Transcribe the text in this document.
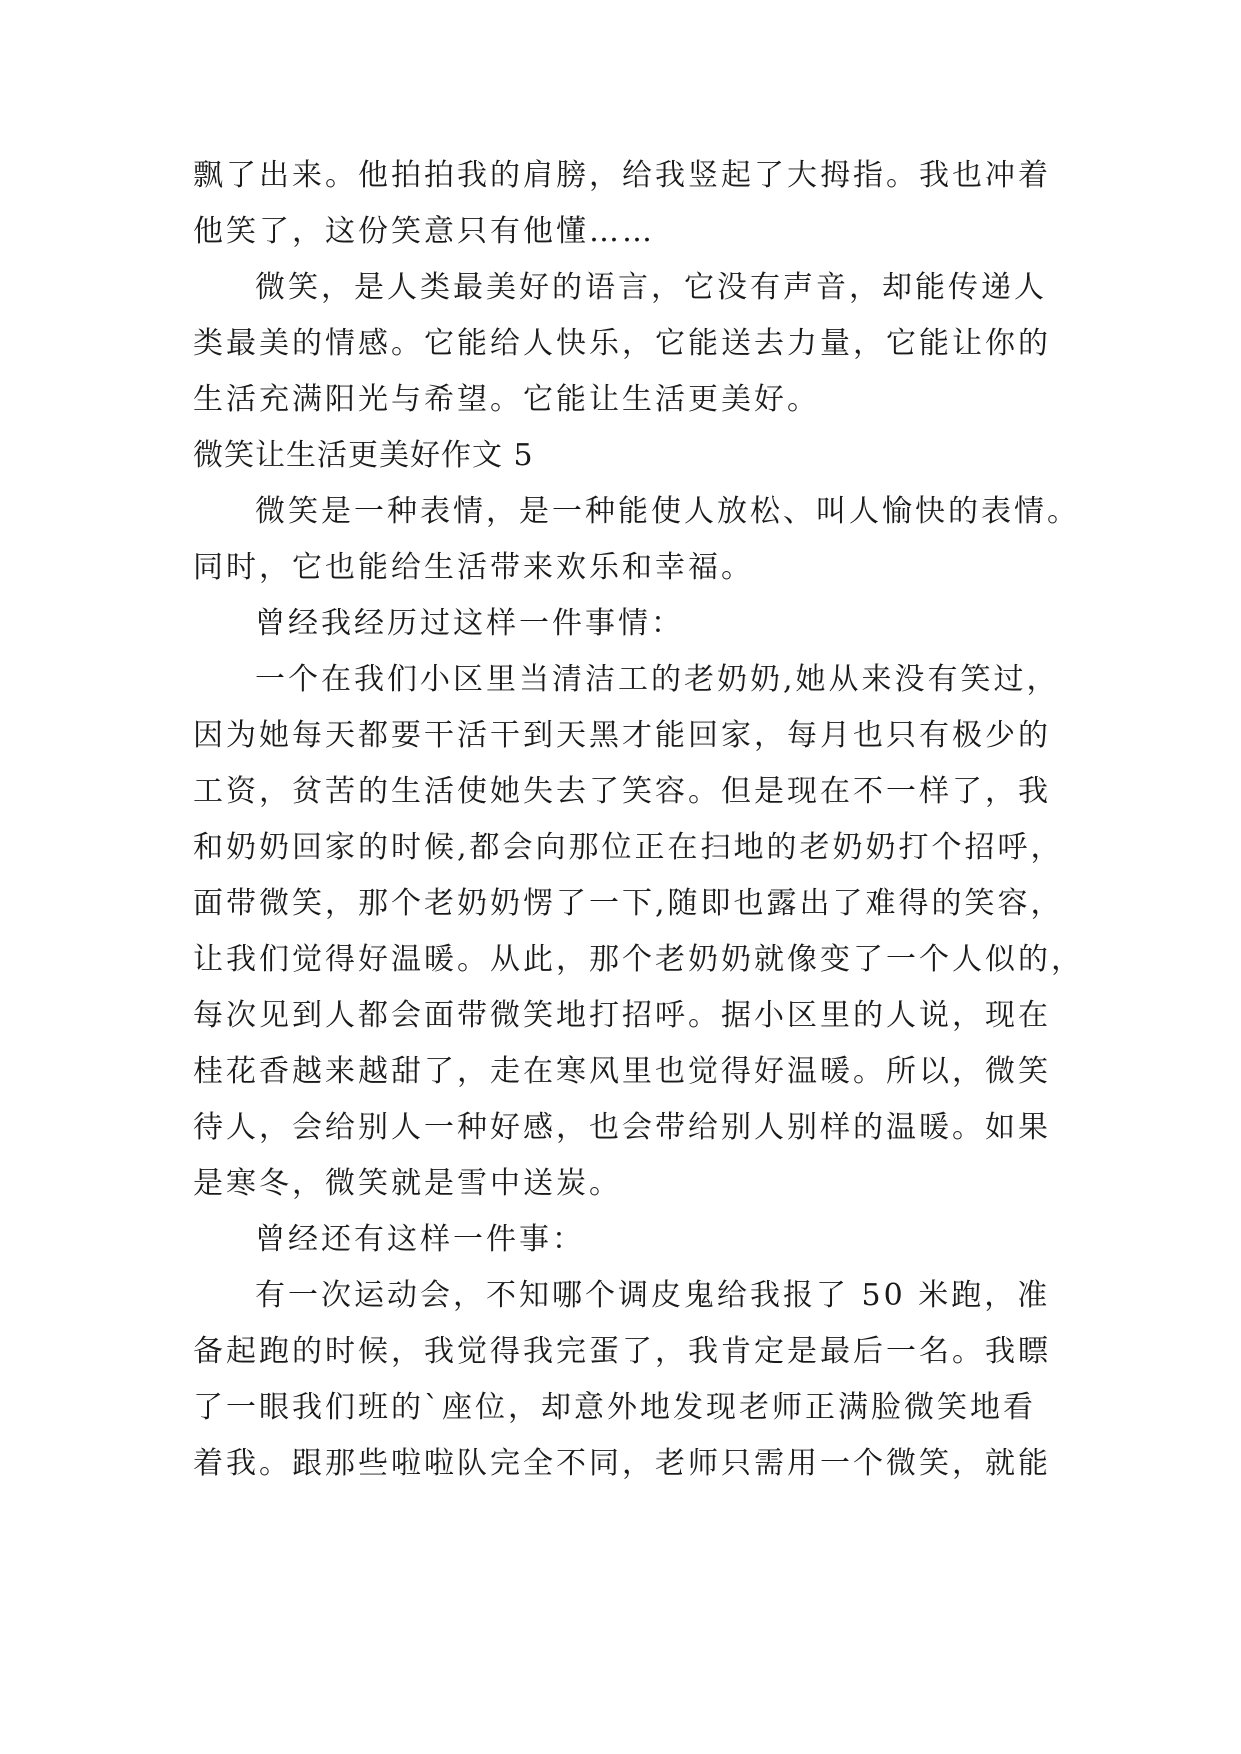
飘了出来。他拍拍我的肩膀，给我竖起了大拇指。我也冲着
他笑了，这份笑意只有他懂……
微笑，是人类最美好的语言，它没有声音，却能传递人
类最美的情感。它能给人快乐，它能送去力量，它能让你的
生活充满阳光与希望。它能让生活更美好。
微笑让生活更美好作文 5
微笑是一种表情，是一种能使人放松、叫人愉快的表情。
同时，它也能给生活带来欢乐和幸福。
曾经我经历过这样一件事情：
一个在我们小区里当清洁工的老奶奶,她从来没有笑过，
因为她每天都要干活干到天黑才能回家，每月也只有极少的
工资，贫苦的生活使她失去了笑容。但是现在不一样了，我
和奶奶回家的时候,都会向那位正在扫地的老奶奶打个招呼，
面带微笑，那个老奶奶愣了一下,随即也露出了难得的笑容，
让我们觉得好温暖。从此，那个老奶奶就像变了一个人似的，
每次见到人都会面带微笑地打招呼。据小区里的人说，现在
桂花香越来越甜了，走在寒风里也觉得好温暖。所以，微笑
待人，会给别人一种好感，也会带给别人别样的温暖。如果
是寒冬，微笑就是雪中送炭。
曾经还有这样一件事：
有一次运动会，不知哪个调皮鬼给我报了 50 米跑，准
备起跑的时候，我觉得我完蛋了，我肯定是最后一名。我瞟
了一眼我们班的`座位，却意外地发现老师正满脸微笑地看
着我。跟那些啦啦队完全不同，老师只需用一个微笑，就能
